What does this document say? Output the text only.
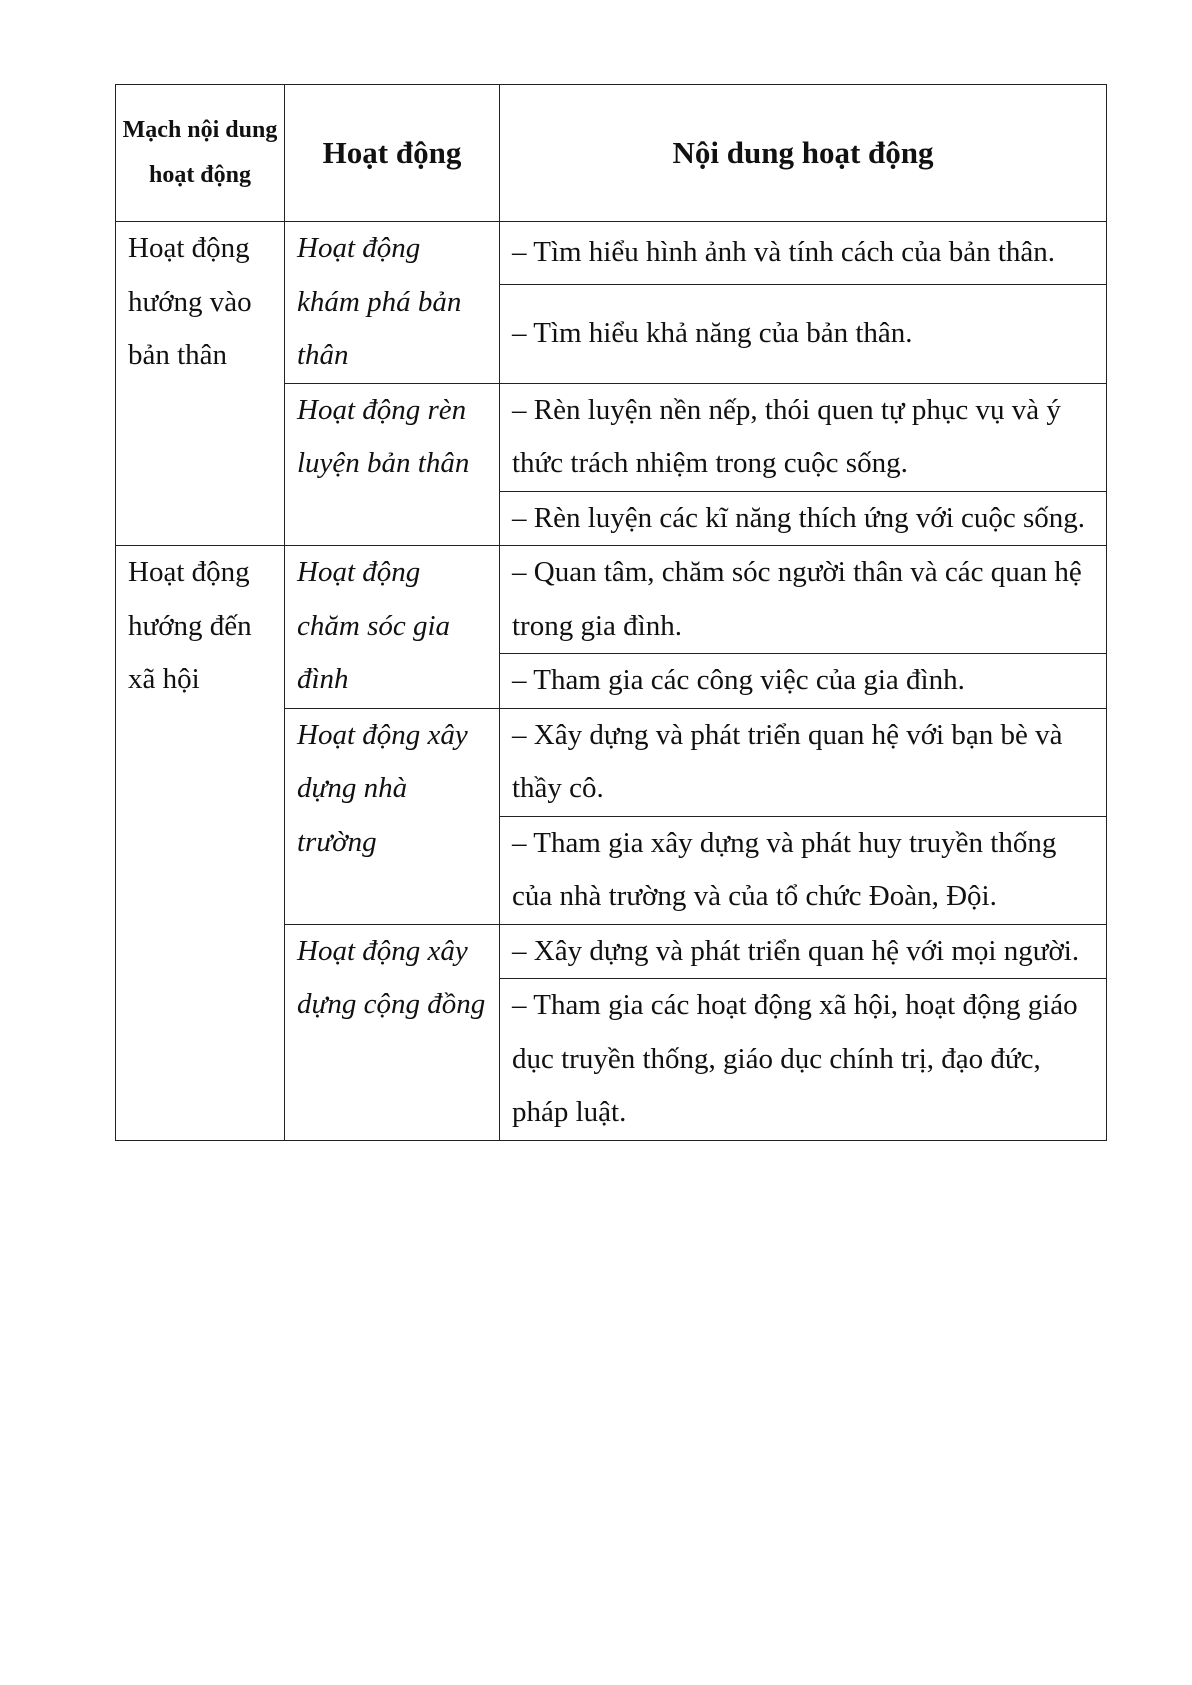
Mạch nội dung hoạt động	Hoạt động	Nội dung hoạt động
Hoạt động hướng vào bản thân	Hoạt động khám phá bản thân	– Tìm hiểu hình ảnh và tính cách của bản thân.
		– Tìm hiểu khả năng của bản thân.
	Hoạt động rèn luyện bản thân	– Rèn luyện nền nếp, thói quen tự phục vụ và ý thức trách nhiệm trong cuộc sống.
		– Rèn luyện các kĩ năng thích ứng với cuộc sống.
Hoạt động hướng đến xã hội	Hoạt động chăm sóc gia đình	– Quan tâm, chăm sóc người thân và các quan hệ trong gia đình.
		– Tham gia các công việc của gia đình.
	Hoạt động xây dựng nhà trường	– Xây dựng và phát triển quan hệ với bạn bè và thầy cô.
		– Tham gia xây dựng và phát huy truyền thống của nhà trường và của tổ chức Đoàn, Đội.
	Hoạt động xây dựng cộng đồng	– Xây dựng và phát triển quan hệ với mọi người.
		– Tham gia các hoạt động xã hội, hoạt động giáo dục truyền thống, giáo dục chính trị, đạo đức, pháp luật.
